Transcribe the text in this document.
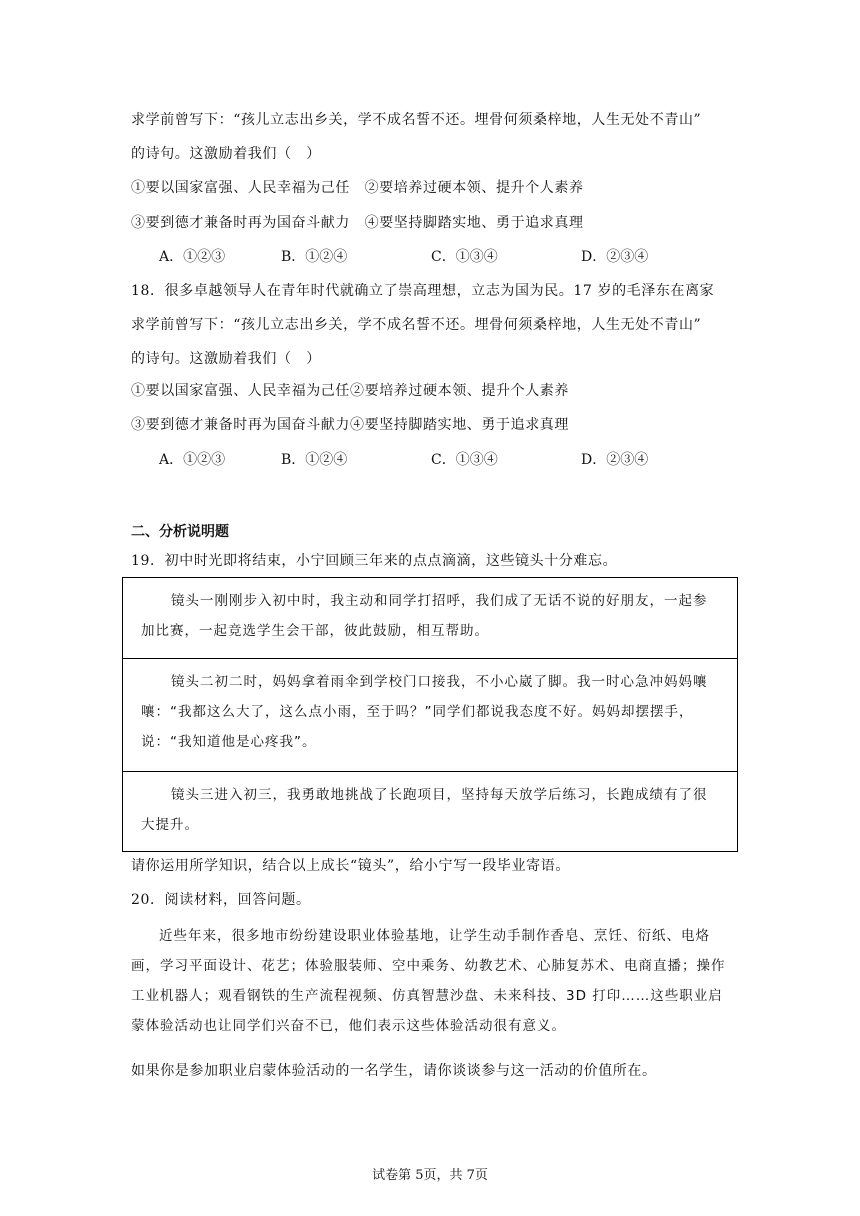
求学前曾写下：“孩儿立志出乡关，学不成名誓不还。埋骨何须桑梓地，人生无处不青山”
的诗句。这激励着我们（　）
①要以国家富强、人民幸福为己任　②要培养过硬本领、提升个人素养
③要到德才兼备时再为国奋斗献力　④要坚持脚踏实地、勇于追求真理
A．①②③	B．①②④	C．①③④	D．②③④
18．很多卓越领导人在青年时代就确立了崇高理想，立志为国为民。17 岁的毛泽东在离家
求学前曾写下：“孩儿立志出乡关，学不成名誓不还。埋骨何须桑梓地，人生无处不青山”
的诗句。这激励着我们（　）
①要以国家富强、人民幸福为己任②要培养过硬本领、提升个人素养
③要到德才兼备时再为国奋斗献力④要坚持脚踏实地、勇于追求真理
A．①②③	B．①②④	C．①③④	D．②③④
二、分析说明题
19．初中时光即将结束，小宁回顾三年来的点点滴滴，这些镜头十分难忘。

镜头一刚刚步入初中时，我主动和同学打招呼，我们成了无话不说的好朋友，一起参加比赛，一起竞选学生会干部，彼此鼓励，相互帮助。

镜头二初二时，妈妈拿着雨伞到学校门口接我，不小心崴了脚。我一时心急冲妈妈嚷嚷：“我都这么大了，这么点小雨，至于吗？”同学们都说我态度不好。妈妈却摆摆手，说：“我知道他是心疼我”。

镜头三进入初三，我勇敢地挑战了长跑项目，坚持每天放学后练习，长跑成绩有了很大提升。

请你运用所学知识，结合以上成长“镜头”，给小宁写一段毕业寄语。
20．阅读材料，回答问题。

近些年来，很多地市纷纷建设职业体验基地，让学生动手制作香皂、烹饪、衍纸、电烙画，学习平面设计、花艺；体验服装师、空中乘务、幼教艺术、心肺复苏术、电商直播；操作工业机器人；观看钢铁的生产流程视频、仿真智慧沙盘、未来科技、3D 打印……这些职业启蒙体验活动也让同学们兴奋不已，他们表示这些体验活动很有意义。

如果你是参加职业启蒙体验活动的一名学生，请你谈谈参与这一活动的价值所在。
试卷第 5页，共 7页
